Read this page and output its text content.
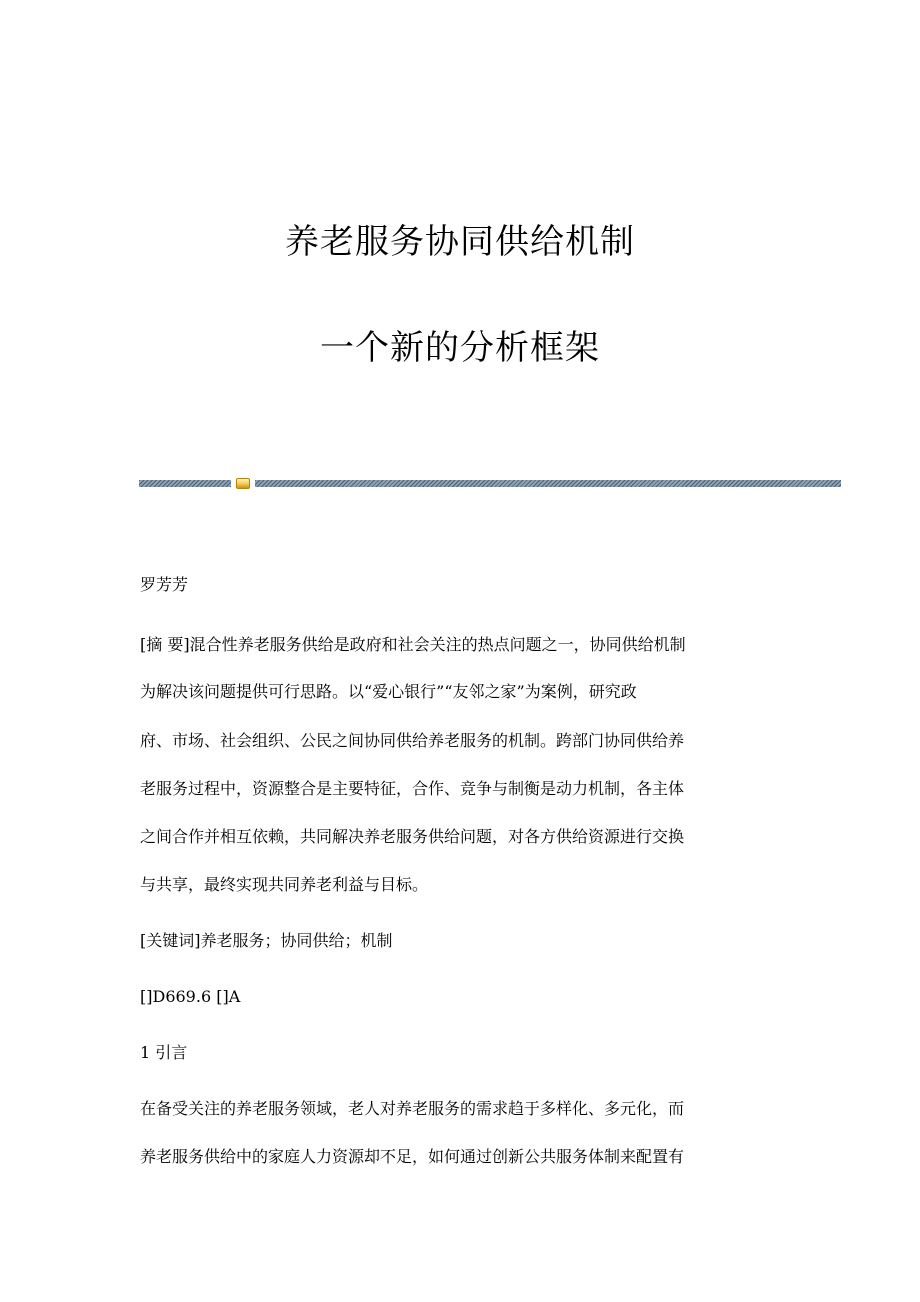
养老服务协同供给机制
一个新的分析框架

罗芳芳

[摘 要]混合性养老服务供给是政府和社会关注的热点问题之一，协同供给机制

为解决该问题提供可行思路。以“爱心银行”“友邻之家”为案例，研究政

府、市场、社会组织、公民之间协同供给养老服务的机制。跨部门协同供给养

老服务过程中，资源整合是主要特征，合作、竞争与制衡是动力机制，各主体

之间合作并相互依赖，共同解决养老服务供给问题，对各方供给资源进行交换

与共享，最终实现共同养老利益与目标。

[关键词]养老服务；协同供给；机制

[]D669.6 []A

1 引言

在备受关注的养老服务领域，老人对养老服务的需求趋于多样化、多元化，而

养老服务供给中的家庭人力资源却不足，如何通过创新公共服务体制来配置有
